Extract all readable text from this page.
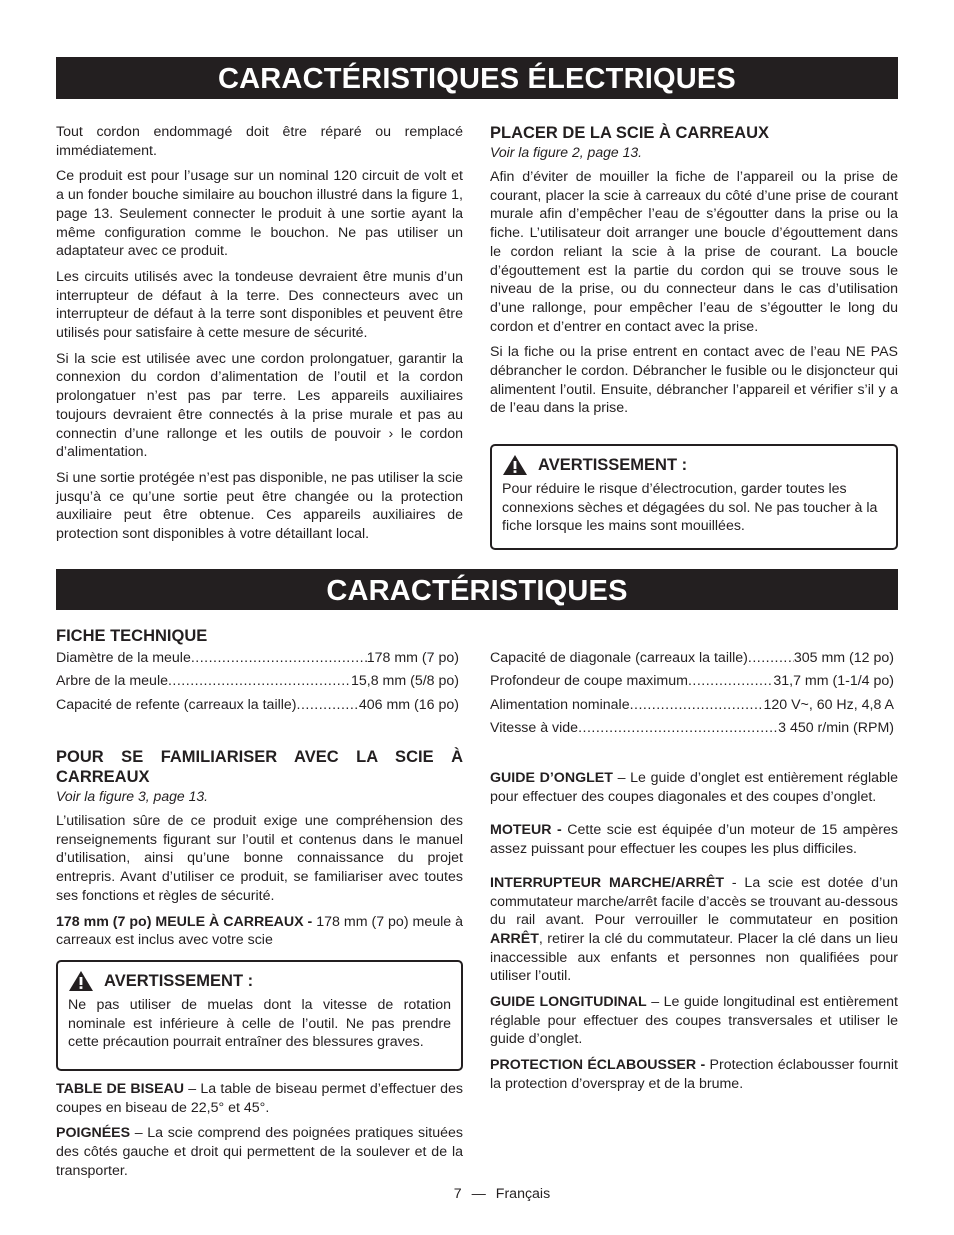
CARACTÉRISTIQUES ÉLECTRIQUES

Tout cordon endommagé doit être réparé ou remplacé immédiatement.

Ce produit est pour l’usage sur un nominal 120 circuit de volt et a un fonder bouche similaire au bouchon illustré dans la figure 1, page 13. Seulement connecter le produit à une sortie ayant la même configuration comme le bouchon. Ne pas utiliser un adaptateur avec ce produit.

Les circuits utilisés avec la tondeuse devraient être munis d’un interrupteur de défaut à la terre. Des connecteurs avec un interrupteur de défaut à la terre sont disponibles et peuvent être utilisés pour satisfaire à cette mesure de sécurité.

Si la scie est utilisée avec une cordon prolongatuer, garantir la connexion du cordon d’alimentation de l’outil et la cordon prolongatuer n’est pas par terre. Les appareils auxiliaires toujours devraient être connectés à la prise murale et pas au connectin d’une rallonge et les outils de pouvoir › le cordon d’alimentation.

Si une sortie protégée n’est pas disponible, ne pas utiliser la scie jusqu’à ce qu’une sortie peut être changée ou la protection auxiliaire peut être obtenue. Ces appareils auxiliaires de protection sont disponibles à votre détaillant local.

PLACER DE LA SCIE À CARREAUX

Voir la figure 2, page 13.

Afin d’éviter de mouiller la fiche de l’appareil ou la prise de courant, placer la scie à carreaux du côté d’une prise de courant murale afin d’empêcher l’eau de s’égoutter dans la prise ou la fiche. L’utilisateur doit arranger une boucle d’égouttement dans le cordon reliant la scie à la prise de courant. La boucle d’égouttement est la partie du cordon qui se trouve sous le niveau de la prise, ou du connecteur dans le cas d’utilisation d’une rallonge, pour empêcher l’eau de s’égoutter le long du cordon et d’entrer en contact avec la prise.

Si la fiche ou la prise entrent en contact avec de l’eau NE PAS débrancher le cordon. Débrancher le fusible ou le disjoncteur qui alimentent l’outil. Ensuite, débrancher l’appareil et vérifier s’il y a de l’eau dans la prise.

AVERTISSEMENT :
Pour réduire le risque d’électrocution, garder toutes les connexions sèches et dégagées du sol. Ne pas toucher à la fiche lorsque les mains sont mouillées.
CARACTÉRISTIQUES
FICHE TECHNIQUE
Diamètre de la meule .....	178 mm (7 po)
Arbre de la meule .....	15,8 mm (5/8 po)
Capacité de refente (carreaux la taille) .....	406 mm (16 po)
Capacité de diagonale (carreaux la taille) .....	305 mm (12 po)
Profondeur de coupe maximum .....	31,7 mm (1-1/4 po)
Alimentation nominale .....	120 V~, 60 Hz, 4,8 A
Vitesse à vide .....	3 450 r/min (RPM)
POUR SE FAMILIARISER AVEC LA SCIE À CARREAUX

Voir la figure 3, page 13.

L’utilisation sûre de ce produit exige une compréhension des renseignements figurant sur l’outil et contenus dans le manuel d’utilisation, ainsi qu’une bonne connaissance du projet entrepris. Avant d’utiliser ce produit, se familiariser avec toutes ses fonctions et règles de sécurité.

178 mm (7 po) MEULE À CARREAUX - 178 mm (7 po) meule à carreaux est inclus avec votre scie

AVERTISSEMENT :
Ne pas utiliser de muelas dont la vitesse de rotation nominale est inférieure à celle de l’outil. Ne pas prendre cette précaution pourrait entraîner des blessures graves.

TABLE DE BISEAU – La table de biseau permet d’effectuer des coupes en biseau de 22,5° et 45°.

POIGNÉES – La scie comprend des poignées pratiques situées des côtés gauche et droit qui permettent de la soulever et de la transporter.

GUIDE D’ONGLET – Le guide d’onglet est entièrement réglable pour effectuer des coupes diagonales et des coupes d’onglet.

MOTEUR - Cette scie est équipée d’un moteur de 15 ampères assez puissant pour effectuer les coupes les plus difficiles.

INTERRUPTEUR MARCHE/ARRÊT - La scie est dotée d’un commutateur marche/arrêt facile d’accès se trouvant au-dessous du rail avant. Pour verrouiller le commutateur en position ARRÊT, retirer la clé du commutateur. Placer la clé dans un lieu inaccessible aux enfants et personnes non qualifiées pour utiliser l’outil.

GUIDE LONGITUDINAL – Le guide longitudinal est entièrement réglable pour effectuer des coupes transversales et utiliser le guide d’onglet.

PROTECTION ÉCLABOUSSER - Protection éclabousser fournit la protection d’overspray et de la brume.

7 — Français
